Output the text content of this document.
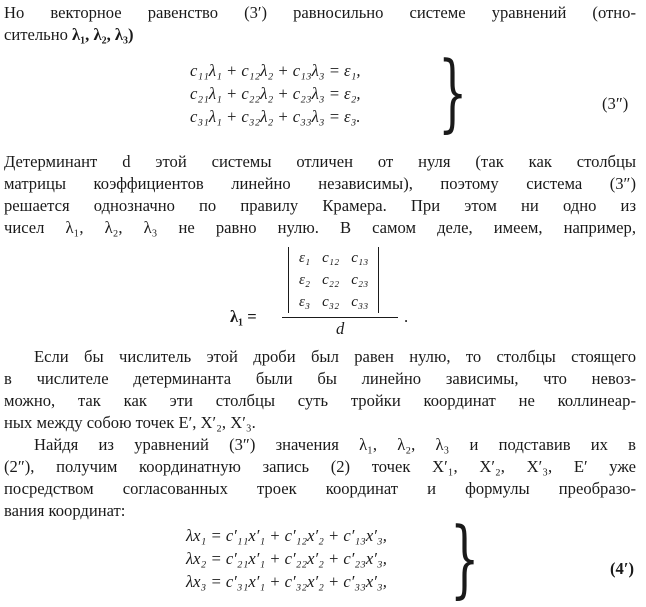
Но векторное равенство (3′) равносильно системе уравнений (отно-
сительно λ₁, λ₂, λ₃)
c₁₁λ₁ + c₁₂λ₂ + c₁₃λ₃ = ε₁,
c₂₁λ₁ + c₂₂λ₂ + c₂₃λ₃ = ε₂,
c₃₁λ₁ + c₃₂λ₂ + c₃₃λ₃ = ε₃. }	(3″)
Детерминант d этой системы отличен от нуля (так как столбцы
матрицы коэффициентов линейно независимы), поэтому система (3″)
решается однозначно по правилу Крамера. При этом ни одно из
чисел λ₁, λ₂, λ₃ не равно нулю. В самом деле, имеем, например,
λ₁ =
ε₁	c₁₂	c₁₃
ε₂	c₂₂	c₂₃
ε₃	c₃₂	c₃₃
d
.
Если бы числитель этой дроби был равен нулю, то столбцы стоящего
в числителе детерминанта были бы линейно зависимы, что невоз-
можно, так как эти столбцы суть тройки координат не коллинеар-
ных между собою точек E′, X′₂, X′₃.
Найдя из уравнений (3″) значения λ₁, λ₂, λ₃ и подставив их в
(2″), получим координатную запись (2) точек X′₁, X′₂, X′₃, E′ уже
посредством согласованных троек координат и формулы преобразо-
вания координат:
λx₁ = c′₁₁x′₁ + c′₁₂x′₂ + c′₁₃x′₃,
λx₂ = c′₂₁x′₁ + c′₂₂x′₂ + c′₂₃x′₃,
λx₃ = c′₃₁x′₁ + c′₃₂x′₂ + c′₃₃x′₃, }	(4′)
